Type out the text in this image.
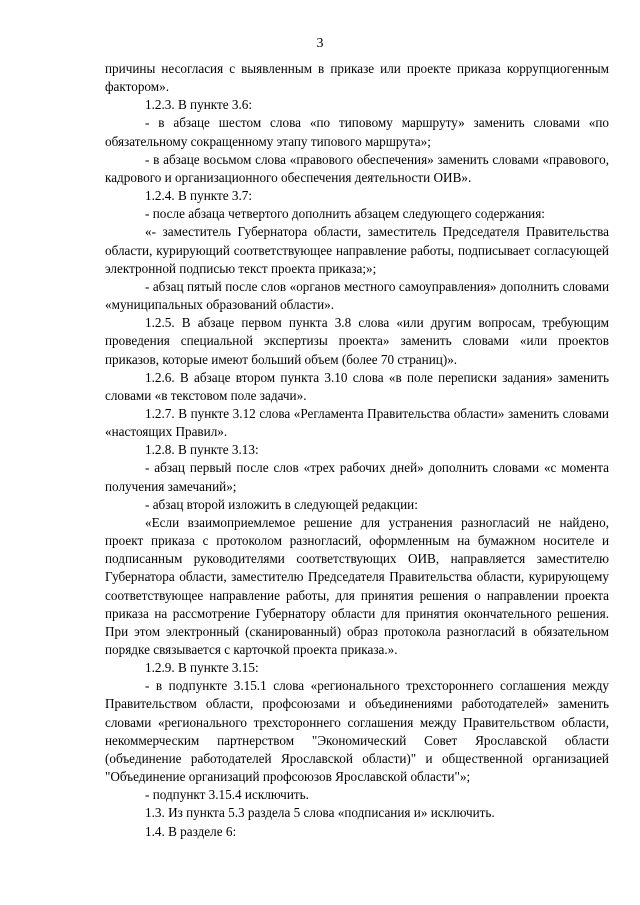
3

причины несогласия с выявленным в приказе или проекте приказа коррупциогенным фактором».

1.2.3. В пункте 3.6:

- в абзаце шестом слова «по типовому маршруту» заменить словами «по обязательному сокращенному этапу типового маршрута»;

- в абзаце восьмом слова «правового обеспечения» заменить словами «правового, кадрового и организационного обеспечения деятельности ОИВ».

1.2.4. В пункте 3.7:

- после абзаца четвертого дополнить абзацем следующего содержания:

«- заместитель Губернатора области, заместитель Председателя Правительства области, курирующий соответствующее направление работы, подписывает согласующей электронной подписью текст проекта приказа;»;

- абзац пятый после слов «органов местного самоуправления» дополнить словами «муниципальных образований области».

1.2.5. В абзаце первом пункта 3.8 слова «или другим вопросам, требующим проведения специальной экспертизы проекта» заменить словами «или проектов приказов, которые имеют больший объем (более 70 страниц)».

1.2.6. В абзаце втором пункта 3.10 слова «в поле переписки задания» заменить словами «в текстовом поле задачи».

1.2.7. В пункте 3.12 слова «Регламента Правительства области» заменить словами «настоящих Правил».

1.2.8. В пункте 3.13:

- абзац первый после слов «трех рабочих дней» дополнить словами «с момента получения замечаний»;

- абзац второй изложить в следующей редакции:

«Если взаимоприемлемое решение для устранения разногласий не найдено, проект приказа с протоколом разногласий, оформленным на бумажном носителе и подписанным руководителями соответствующих ОИВ, направляется заместителю Губернатора области, заместителю Председателя Правительства области, курирующему соответствующее направление работы, для принятия решения о направлении проекта приказа на рассмотрение Губернатору области для принятия окончательного решения. При этом электронный (сканированный) образ протокола разногласий в обязательном порядке связывается с карточкой проекта приказа.».

1.2.9. В пункте 3.15:

- в подпункте 3.15.1 слова «регионального трехстороннего соглашения между Правительством области, профсоюзами и объединениями работодателей» заменить словами «регионального трехстороннего соглашения между Правительством области, некоммерческим партнерством "Экономический Совет Ярославской области (объединение работодателей Ярославской области)" и общественной организацией "Объединение организаций профсоюзов Ярославской области"»;

- подпункт 3.15.4 исключить.

1.3. Из пункта 5.3 раздела 5 слова «подписания и» исключить.

1.4. В разделе 6:
